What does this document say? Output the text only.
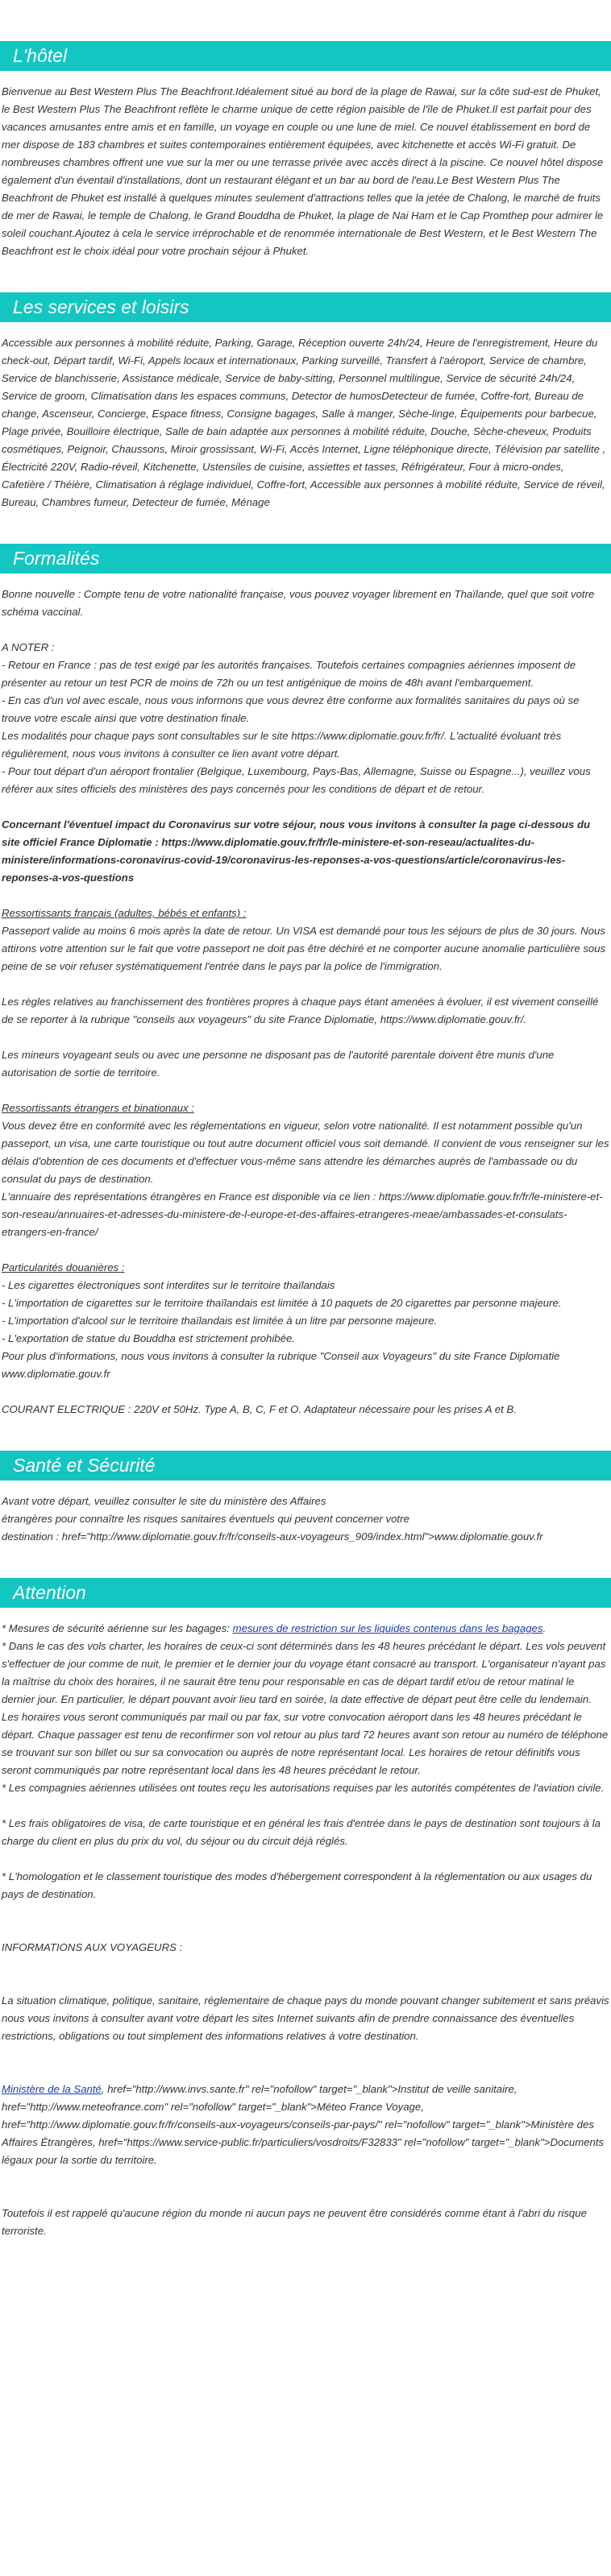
L'hôtel

Bienvenue au Best Western Plus The Beachfront.Idéalement situé au bord de la plage de Rawai, sur la côte sud-est de Phuket, le Best Western Plus The Beachfront reflète le charme unique de cette région paisible de l'île de Phuket.Il est parfait pour des vacances amusantes entre amis et en famille, un voyage en couple ou une lune de miel. Ce nouvel établissement en bord de mer dispose de 183 chambres et suites contemporaines entièrement équipées, avec kitchenette et accès Wi-Fi gratuit. De nombreuses chambres offrent une vue sur la mer ou une terrasse privée avec accès direct à la piscine. Ce nouvel hôtel dispose également d'un éventail d'installations, dont un restaurant élégant et un bar au bord de l'eau.Le Best Western Plus The Beachfront de Phuket est installé à quelques minutes seulement d'attractions telles que la jetée de Chalong, le marché de fruits de mer de Rawai, le temple de Chalong, le Grand Bouddha de Phuket, la plage de Nai Harn et le Cap Promthep pour admirer le soleil couchant.Ajoutez à cela le service irréprochable et de renommée internationale de Best Western, et le Best Western The Beachfront est le choix idéal pour votre prochain séjour à Phuket.

Les services et loisirs

Accessible aux personnes à mobilité réduite, Parking, Garage, Réception ouverte 24h/24, Heure de l'enregistrement, Heure du check-out, Départ tardif, Wi-Fi, Appels locaux et internationaux, Parking surveillé, Transfert à l'aéroport, Service de chambre, Service de blanchisserie, Assistance médicale, Service de baby-sitting, Personnel multilingue, Service de sécurité 24h/24, Service de groom, Climatisation dans les espaces communs, Detector de humosDetecteur de fumée, Coffre-fort, Bureau de change, Ascenseur, Concierge, Espace fitness, Consigne bagages, Salle à manger, Sèche-linge, Équipements pour barbecue, Plage privée, Bouilloire électrique, Salle de bain adaptée aux personnes à mobilité réduite, Douche, Sèche-cheveux, Produits cosmétiques, Peignoir, Chaussons, Miroir grossissant, Wi-Fi, Accès Internet, Ligne téléphonique directe, Télévision par satellite , Électricité 220V, Radio-réveil, Kitchenette, Ustensiles de cuisine, assiettes et tasses, Réfrigérateur, Four à micro-ondes, Cafetière / Théière, Climatisation à réglage individuel, Coffre-fort, Accessible aux personnes à mobilité réduite, Service de réveil, Bureau, Chambres fumeur, Detecteur de fumée, Ménage

Formalités

Bonne nouvelle : Compte tenu de votre nationalité française, vous pouvez voyager librement en Thaïlande, quel que soit votre schéma vaccinal.

A NOTER :

- Retour en France : pas de test exigé par les autorités françaises. Toutefois certaines compagnies aériennes imposent de présenter au retour un test PCR de moins de 72h ou un test antigénique de moins de 48h avant l'embarquement.

- En cas d'un vol avec escale, nous vous informons que vous devrez être conforme aux formalités sanitaires du pays où se trouve votre escale ainsi que votre destination finale.

Les modalités pour chaque pays sont consultables sur le site https://www.diplomatie.gouv.fr/fr/. L'actualité évoluant très régulièrement, nous vous invitons à consulter ce lien avant votre départ.

- Pour tout départ d'un aéroport frontalier (Belgique, Luxembourg, Pays-Bas, Allemagne, Suisse ou Espagne...), veuillez vous référer aux sites officiels des ministères des pays concernés pour les conditions de départ et de retour.

Concernant l'éventuel impact du Coronavirus sur votre séjour, nous vous invitons à consulter la page ci-dessous du site officiel France Diplomatie : https://www.diplomatie.gouv.fr/fr/le-ministere-et-son-reseau/actualites-du-ministere/informations-coronavirus-covid-19/coronavirus-les-reponses-a-vos-questions/article/coronavirus-les-reponses-a-vos-questions

Ressortissants français (adultes, bébés et enfants) :

Passeport valide au moins 6 mois après la date de retour. Un VISA est demandé pour tous les séjours de plus de 30 jours. Nous attirons votre attention sur le fait que votre passeport ne doit pas être déchiré et ne comporter aucune anomalie particulière sous peine de se voir refuser systématiquement l'entrée dans le pays par la police de l'immigration.

Les règles relatives au franchissement des frontières propres à chaque pays étant amenées à évoluer, il est vivement conseillé de se reporter à la rubrique "conseils aux voyageurs" du site France Diplomatie, https://www.diplomatie.gouv.fr/.

Les mineurs voyageant seuls ou avec une personne ne disposant pas de l'autorité parentale doivent être munis d'une autorisation de sortie de territoire.

Ressortissants étrangers et binationaux :

Vous devez être en conformité avec les réglementations en vigueur, selon votre nationalité. Il est notamment possible qu'un passeport, un visa, une carte touristique ou tout autre document officiel vous soit demandé. Il convient de vous renseigner sur les délais d'obtention de ces documents et d'effectuer vous-même sans attendre les démarches auprès de l'ambassade ou du consulat du pays de destination.

L'annuaire des représentations étrangères en France est disponible via ce lien : https://www.diplomatie.gouv.fr/fr/le-ministere-et-son-reseau/annuaires-et-adresses-du-ministere-de-l-europe-et-des-affaires-etrangeres-meae/ambassades-et-consulats-etrangers-en-france/

Particularités douanières :

- Les cigarettes électroniques sont interdites sur le territoire thaïlandais

- L'importation de cigarettes sur le territoire thaïlandais est limitée à 10 paquets de 20 cigarettes par personne majeure.

- L'importation d'alcool sur le territoire thaïlandais est limitée à un litre par personne majeure.

- L'exportation de statue du Bouddha est strictement prohibée.

Pour plus d'informations, nous vous invitons à consulter la rubrique "Conseil aux Voyageurs" du site France Diplomatie www.diplomatie.gouv.fr

COURANT ELECTRIQUE : 220V et 50Hz. Type A, B, C, F et O. Adaptateur nécessaire pour les prises A et B.

Santé et Sécurité

Avant votre départ, veuillez consulter le site du ministère des Affaires

étrangères pour connaître les risques sanitaires éventuels qui peuvent concerner votre

destination : href="http://www.diplomatie.gouv.fr/fr/conseils-aux-voyageurs_909/index.html">www.diplomatie.gouv.fr

Attention

* Mesures de sécurité aérienne sur les bagages: mesures de restriction sur les liquides contenus dans les bagages.

* Dans le cas des vols charter, les horaires de ceux-ci sont déterminés dans les 48 heures précédant le départ. Les vols peuvent s'effectuer de jour comme de nuit, le premier et le dernier jour du voyage étant consacré au transport. L'organisateur n'ayant pas la maîtrise du choix des horaires, il ne saurait être tenu pour responsable en cas de départ tardif et/ou de retour matinal le dernier jour. En particulier, le départ pouvant avoir lieu tard en soirée, la date effective de départ peut être celle du lendemain. Les horaires vous seront communiqués par mail ou par fax, sur votre convocation aéroport dans les 48 heures précédant le départ. Chaque passager est tenu de reconfirmer son vol retour au plus tard 72 heures avant son retour au numéro de téléphone se trouvant sur son billet ou sur sa convocation ou auprès de notre représentant local. Les horaires de retour définitifs vous seront communiqués par notre représentant local dans les 48 heures précédant le retour.

* Les compagnies aériennes utilisées ont toutes reçu les autorisations requises par les autorités compétentes de l'aviation civile.

* Les frais obligatoires de visa, de carte touristique et en général les frais d'entrée dans le pays de destination sont toujours à la charge du client en plus du prix du vol, du séjour ou du circuit déjà réglés.

* L'homologation et le classement touristique des modes d'hébergement correspondent à la réglementation ou aux usages du pays de destination.

INFORMATIONS AUX VOYAGEURS :

La situation climatique, politique, sanitaire, réglementaire de chaque pays du monde pouvant changer subitement et sans préavis

nous vous invitons à consulter avant votre départ les sites Internet suivants afin de prendre connaissance des éventuelles restrictions, obligations ou tout simplement des informations relatives à votre destination.

Ministère de la Santé, href="http://www.invs.sante.fr" rel="nofollow" target="_blank">Institut de veille sanitaire, href="http://www.meteofrance.com" rel="nofollow" target="_blank">Méteo France Voyage, href="http://www.diplomatie.gouv.fr/fr/conseils-aux-voyageurs/conseils-par-pays/" rel="nofollow" target="_blank">Ministère des Affaires Étrangères, href="https://www.service-public.fr/particuliers/vosdroits/F32833" rel="nofollow" target="_blank">Documents légaux pour la sortie du territoire.

Toutefois il est rappelé qu'aucune région du monde ni aucun pays ne peuvent être considérés comme étant à l'abri du risque terroriste.
